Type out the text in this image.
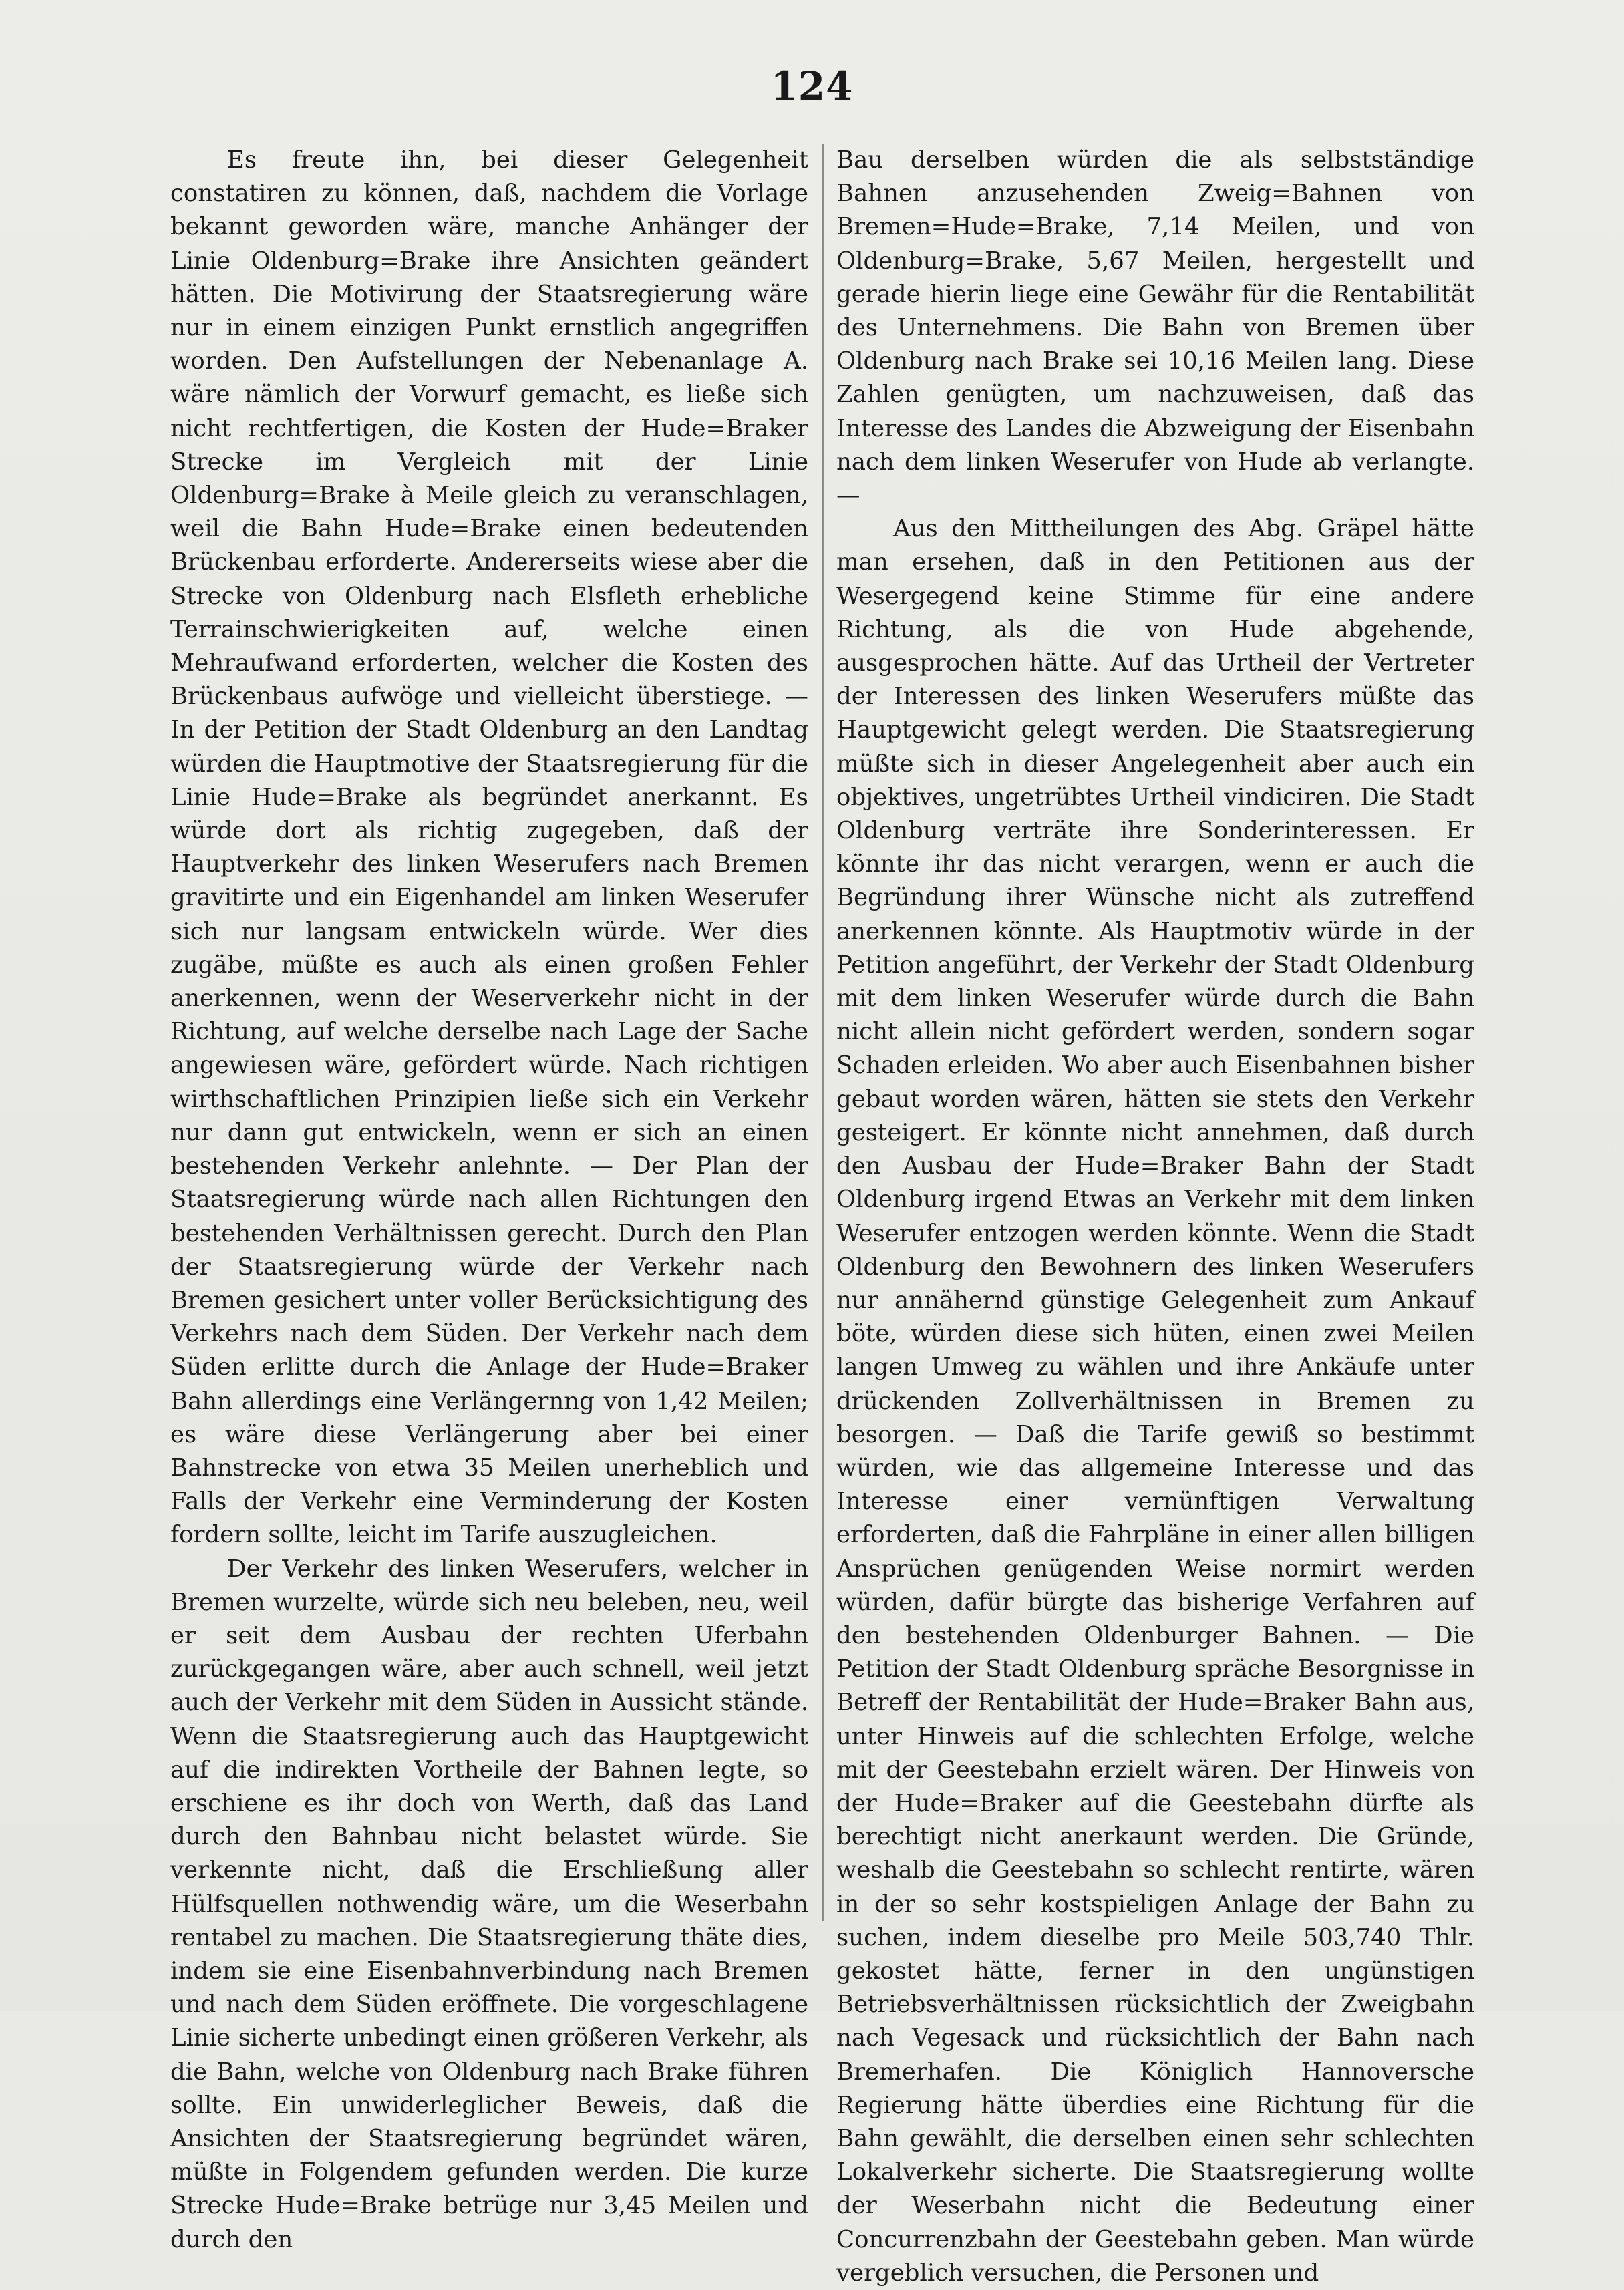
124

Es freute ihn, bei dieser Gelegenheit constatiren zu können, daß, nachdem die Vorlage bekannt geworden wäre, manche Anhänger der Linie Oldenburg=Brake ihre Ansichten geändert hätten. Die Motivirung der Staatsregierung wäre nur in einem einzigen Punkt ernstlich angegriffen worden. Den Aufstellungen der Nebenanlage A. wäre nämlich der Vorwurf gemacht, es ließe sich nicht rechtfertigen, die Kosten der Hude=Braker Strecke im Vergleich mit der Linie Oldenburg=Brake à Meile gleich zu veranschlagen, weil die Bahn Hude=Brake einen bedeutenden Brückenbau erforderte. Andererseits wiese aber die Strecke von Oldenburg nach Elsfleth erhebliche Terrainschwierigkeiten auf, welche einen Mehraufwand erforderten, welcher die Kosten des Brückenbaus aufwöge und vielleicht überstiege. — In der Petition der Stadt Oldenburg an den Landtag würden die Hauptmotive der Staatsregierung für die Linie Hude=Brake als begründet anerkannt. Es würde dort als richtig zugegeben, daß der Hauptverkehr des linken Weserufers nach Bremen gravitirte und ein Eigenhandel am linken Weserufer sich nur langsam entwickeln würde. Wer dies zugäbe, müßte es auch als einen großen Fehler anerkennen, wenn der Weserverkehr nicht in der Richtung, auf welche derselbe nach Lage der Sache angewiesen wäre, gefördert würde. Nach richtigen wirthschaftlichen Prinzipien ließe sich ein Verkehr nur dann gut entwickeln, wenn er sich an einen bestehenden Verkehr anlehnte. — Der Plan der Staatsregierung würde nach allen Richtungen den bestehenden Verhältnissen gerecht. Durch den Plan der Staatsregierung würde der Verkehr nach Bremen gesichert unter voller Berücksichtigung des Verkehrs nach dem Süden. Der Verkehr nach dem Süden erlitte durch die Anlage der Hude=Braker Bahn allerdings eine Verlängernng von 1,42 Meilen; es wäre diese Verlängerung aber bei einer Bahnstrecke von etwa 35 Meilen unerheblich und Falls der Verkehr eine Verminderung der Kosten fordern sollte, leicht im Tarife auszugleichen.

Der Verkehr des linken Weserufers, welcher in Bremen wurzelte, würde sich neu beleben, neu, weil er seit dem Ausbau der rechten Uferbahn zurückgegangen wäre, aber auch schnell, weil jetzt auch der Verkehr mit dem Süden in Aussicht stände. Wenn die Staatsregierung auch das Hauptgewicht auf die indirekten Vortheile der Bahnen legte, so erschiene es ihr doch von Werth, daß das Land durch den Bahnbau nicht belastet würde. Sie verkennte nicht, daß die Erschließung aller Hülfsquellen nothwendig wäre, um die Weserbahn rentabel zu machen. Die Staatsregierung thäte dies, indem sie eine Eisenbahnverbindung nach Bremen und nach dem Süden eröffnete. Die vorgeschlagene Linie sicherte unbedingt einen größeren Verkehr, als die Bahn, welche von Oldenburg nach Brake führen sollte. Ein unwiderleglicher Beweis, daß die Ansichten der Staatsregierung begründet wären, müßte in Folgendem gefunden werden. Die kurze Strecke Hude=Brake betrüge nur 3,45 Meilen und durch den

Bau derselben würden die als selbstständige Bahnen anzusehenden Zweig=Bahnen von Bremen=Hude=Brake, 7,14 Meilen, und von Oldenburg=Brake, 5,67 Meilen, hergestellt und gerade hierin liege eine Gewähr für die Rentabilität des Unternehmens. Die Bahn von Bremen über Oldenburg nach Brake sei 10,16 Meilen lang. Diese Zahlen genügten, um nachzuweisen, daß das Interesse des Landes die Abzweigung der Eisenbahn nach dem linken Weserufer von Hude ab verlangte. —

Aus den Mittheilungen des Abg. Gräpel hätte man ersehen, daß in den Petitionen aus der Wesergegend keine Stimme für eine andere Richtung, als die von Hude abgehende, ausgesprochen hätte. Auf das Urtheil der Vertreter der Interessen des linken Weserufers müßte das Hauptgewicht gelegt werden. Die Staatsregierung müßte sich in dieser Angelegenheit aber auch ein objektives, ungetrübtes Urtheil vindiciren. Die Stadt Oldenburg verträte ihre Sonderinteressen. Er könnte ihr das nicht verargen, wenn er auch die Begründung ihrer Wünsche nicht als zutreffend anerkennen könnte. Als Hauptmotiv würde in der Petition angeführt, der Verkehr der Stadt Oldenburg mit dem linken Weserufer würde durch die Bahn nicht allein nicht gefördert werden, sondern sogar Schaden erleiden. Wo aber auch Eisenbahnen bisher gebaut worden wären, hätten sie stets den Verkehr gesteigert. Er könnte nicht annehmen, daß durch den Ausbau der Hude=Braker Bahn der Stadt Oldenburg irgend Etwas an Verkehr mit dem linken Weserufer entzogen werden könnte. Wenn die Stadt Oldenburg den Bewohnern des linken Weserufers nur annähernd günstige Gelegenheit zum Ankauf böte, würden diese sich hüten, einen zwei Meilen langen Umweg zu wählen und ihre Ankäufe unter drückenden Zollverhältnissen in Bremen zu besorgen. — Daß die Tarife gewiß so bestimmt würden, wie das allgemeine Interesse und das Interesse einer vernünftigen Verwaltung erforderten, daß die Fahrpläne in einer allen billigen Ansprüchen genügenden Weise normirt werden würden, dafür bürgte das bisherige Verfahren auf den bestehenden Oldenburger Bahnen. — Die Petition der Stadt Oldenburg spräche Besorgnisse in Betreff der Rentabilität der Hude=Braker Bahn aus, unter Hinweis auf die schlechten Erfolge, welche mit der Geestebahn erzielt wären. Der Hinweis von der Hude=Braker auf die Geestebahn dürfte als berechtigt nicht anerkaunt werden. Die Gründe, weshalb die Geestebahn so schlecht rentirte, wären in der so sehr kostspieligen Anlage der Bahn zu suchen, indem dieselbe pro Meile 503,740 Thlr. gekostet hätte, ferner in den ungünstigen Betriebsverhältnissen rücksichtlich der Zweigbahn nach Vegesack und rücksichtlich der Bahn nach Bremerhafen. Die Königlich Hannoversche Regierung hätte überdies eine Richtung für die Bahn gewählt, die derselben einen sehr schlechten Lokalverkehr sicherte. Die Staatsregierung wollte der Weserbahn nicht die Bedeutung einer Concurrenzbahn der Geestebahn geben. Man würde vergeblich versuchen, die Personen und
